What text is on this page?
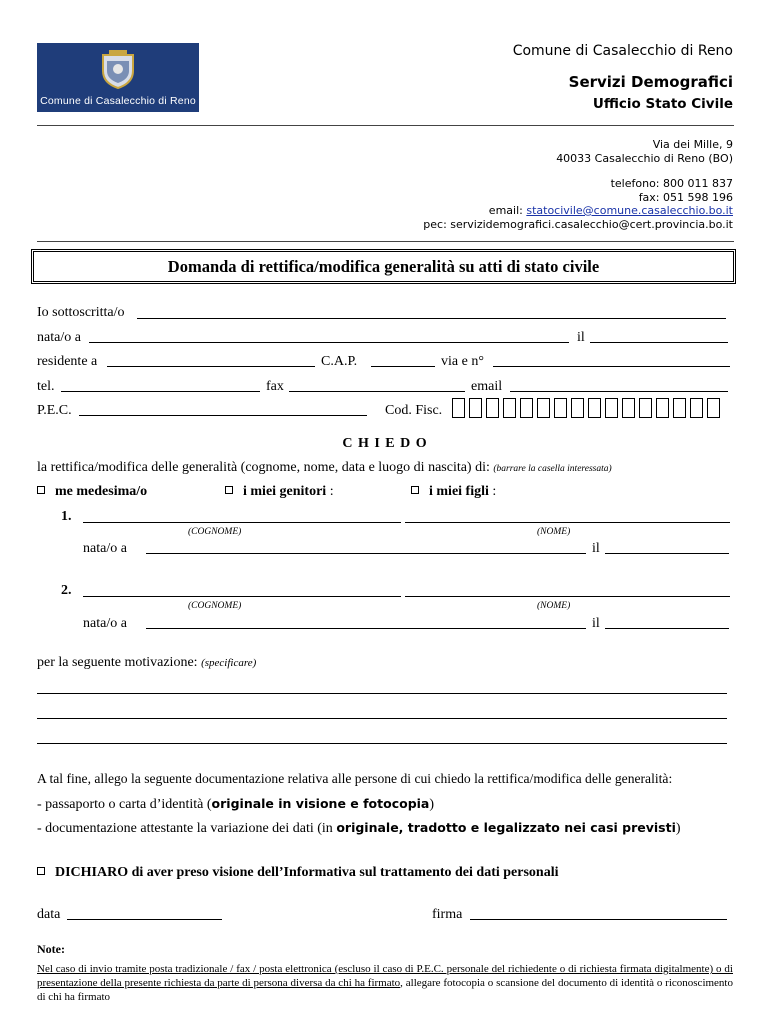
Comune di Casalecchio di Reno
Comune di Casalecchio di Reno
Servizi Demografici
Ufficio Stato Civile
Via dei Mille, 9
40033 Casalecchio di Reno (BO)
telefono: 800 011 837
fax: 051 598 196
email: statocivile@comune.casalecchio.bo.it
pec: servizidemografici.casalecchio@cert.provincia.bo.it
Domanda di rettifica/modifica generalità su atti di stato civile
Io sottoscritta/o
nata/o a	il
residente a	C.A.P.	via e n°
tel.	fax	email
P.E.C.	Cod. Fisc.
C H I E D O
la rettifica/modifica delle generalità (cognome, nome, data e luogo di nascita) di: (barrare la casella interessata)
me medesima/o	i miei genitori :	i miei figli :
1.
(COGNOME)	(NOME)
nata/o a	il
2.
(COGNOME)	(NOME)
nata/o a	il
per la seguente motivazione: (specificare)
A tal fine, allego la seguente documentazione relativa alle persone di cui chiedo la rettifica/modifica delle generalità:
- passaporto o carta d’identità (originale in visione e fotocopia)
- documentazione attestante la variazione dei dati (in originale, tradotto e legalizzato nei casi previsti)
DICHIARO di aver preso visione dell’Informativa sul trattamento dei dati personali
data	firma
Note:
Nel caso di invio tramite posta tradizionale / fax / posta elettronica (escluso il caso di P.E.C. personale del richiedente o di richiesta firmata digitalmente) o di presentazione della presente richiesta da parte di persona diversa da chi ha firmato, allegare fotocopia o scansione del documento di identità o riconoscimento di chi ha firmato
